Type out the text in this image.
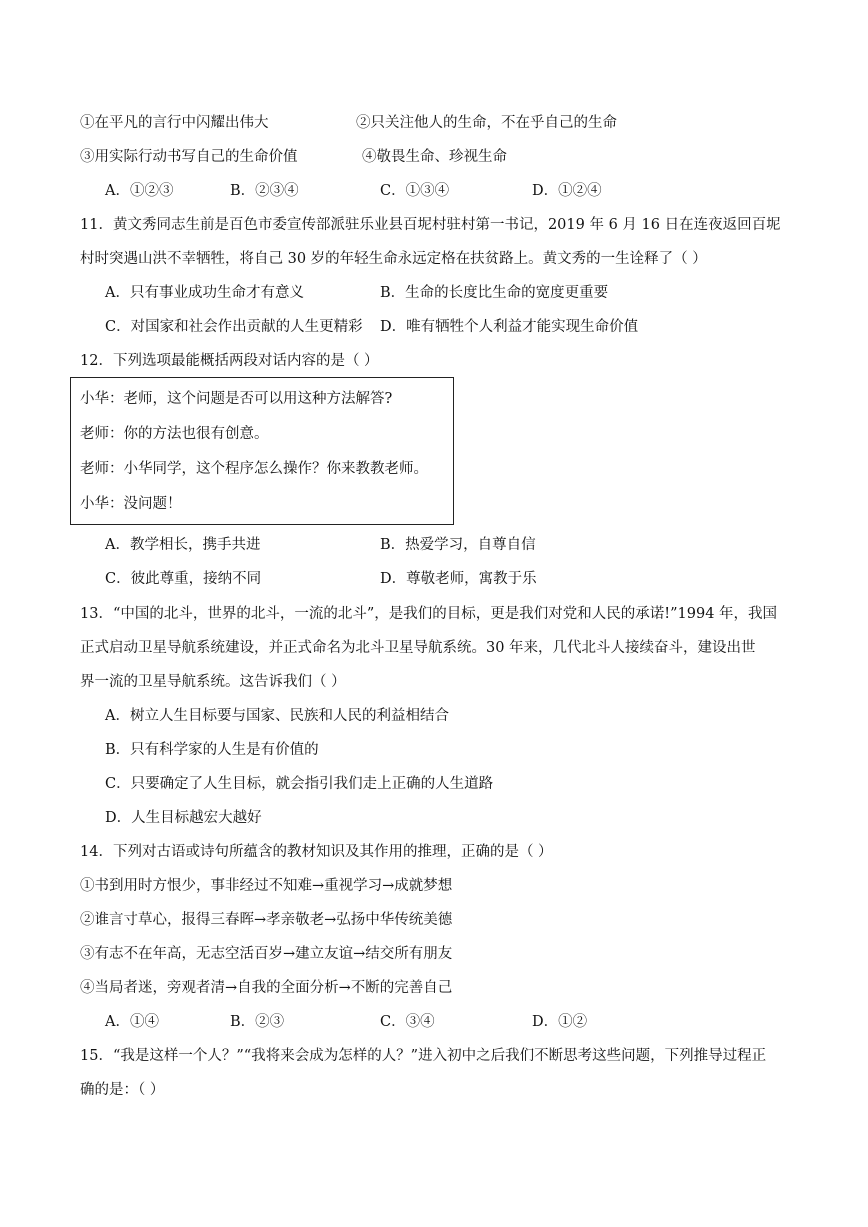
①在平凡的言行中闪耀出伟大	②只关注他人的生命，不在乎自己的生命
③用实际行动书写自己的生命价值	④敬畏生命、珍视生命
A．①②③	B．②③④	C．①③④	D．①②④
11．黄文秀同志生前是百色市委宣传部派驻乐业县百坭村驻村第一书记，2019 年 6 月 16 日在连夜返回百坭
村时突遇山洪不幸牺牲，将自己 30 岁的年轻生命永远定格在扶贫路上。黄文秀的一生诠释了（ ）
A．只有事业成功生命才有意义	B．生命的长度比生命的宽度更重要
C．对国家和社会作出贡献的人生更精彩 D．唯有牺牲个人利益才能实现生命价值
12．下列选项最能概括两段对话内容的是（ ）
小华：老师，这个问题是否可以用这种方法解答?
老师：你的方法也很有创意。
老师：小华同学，这个程序怎么操作？你来教教老师。
小华：没问题！
A．教学相长，携手共进	B．热爱学习，自尊自信
C．彼此尊重，接纳不同	D．尊敬老师，寓教于乐
13．“中国的北斗，世界的北斗，一流的北斗”，是我们的目标，更是我们对党和人民的承诺!”1994 年，我国
正式启动卫星导航系统建设，并正式命名为北斗卫星导航系统。30 年来，几代北斗人接续奋斗，建设出世
界一流的卫星导航系统。这告诉我们（ ）
A．树立人生目标要与国家、民族和人民的利益相结合
B．只有科学家的人生是有价值的
C．只要确定了人生目标，就会指引我们走上正确的人生道路
D．人生目标越宏大越好
14．下列对古语或诗句所蕴含的教材知识及其作用的推理，正确的是（ ）
①书到用时方恨少，事非经过不知难→重视学习→成就梦想
②谁言寸草心，报得三春晖→孝亲敬老→弘扬中华传统美德
③有志不在年高，无志空活百岁→建立友谊→结交所有朋友
④当局者迷，旁观者清→自我的全面分析→不断的完善自己
A．①④	B．②③	C．③④	D．①②
15．“我是这样一个人？”“我将来会成为怎样的人？”进入初中之后我们不断思考这些问题，下列推导过程正
确的是：（ ）
